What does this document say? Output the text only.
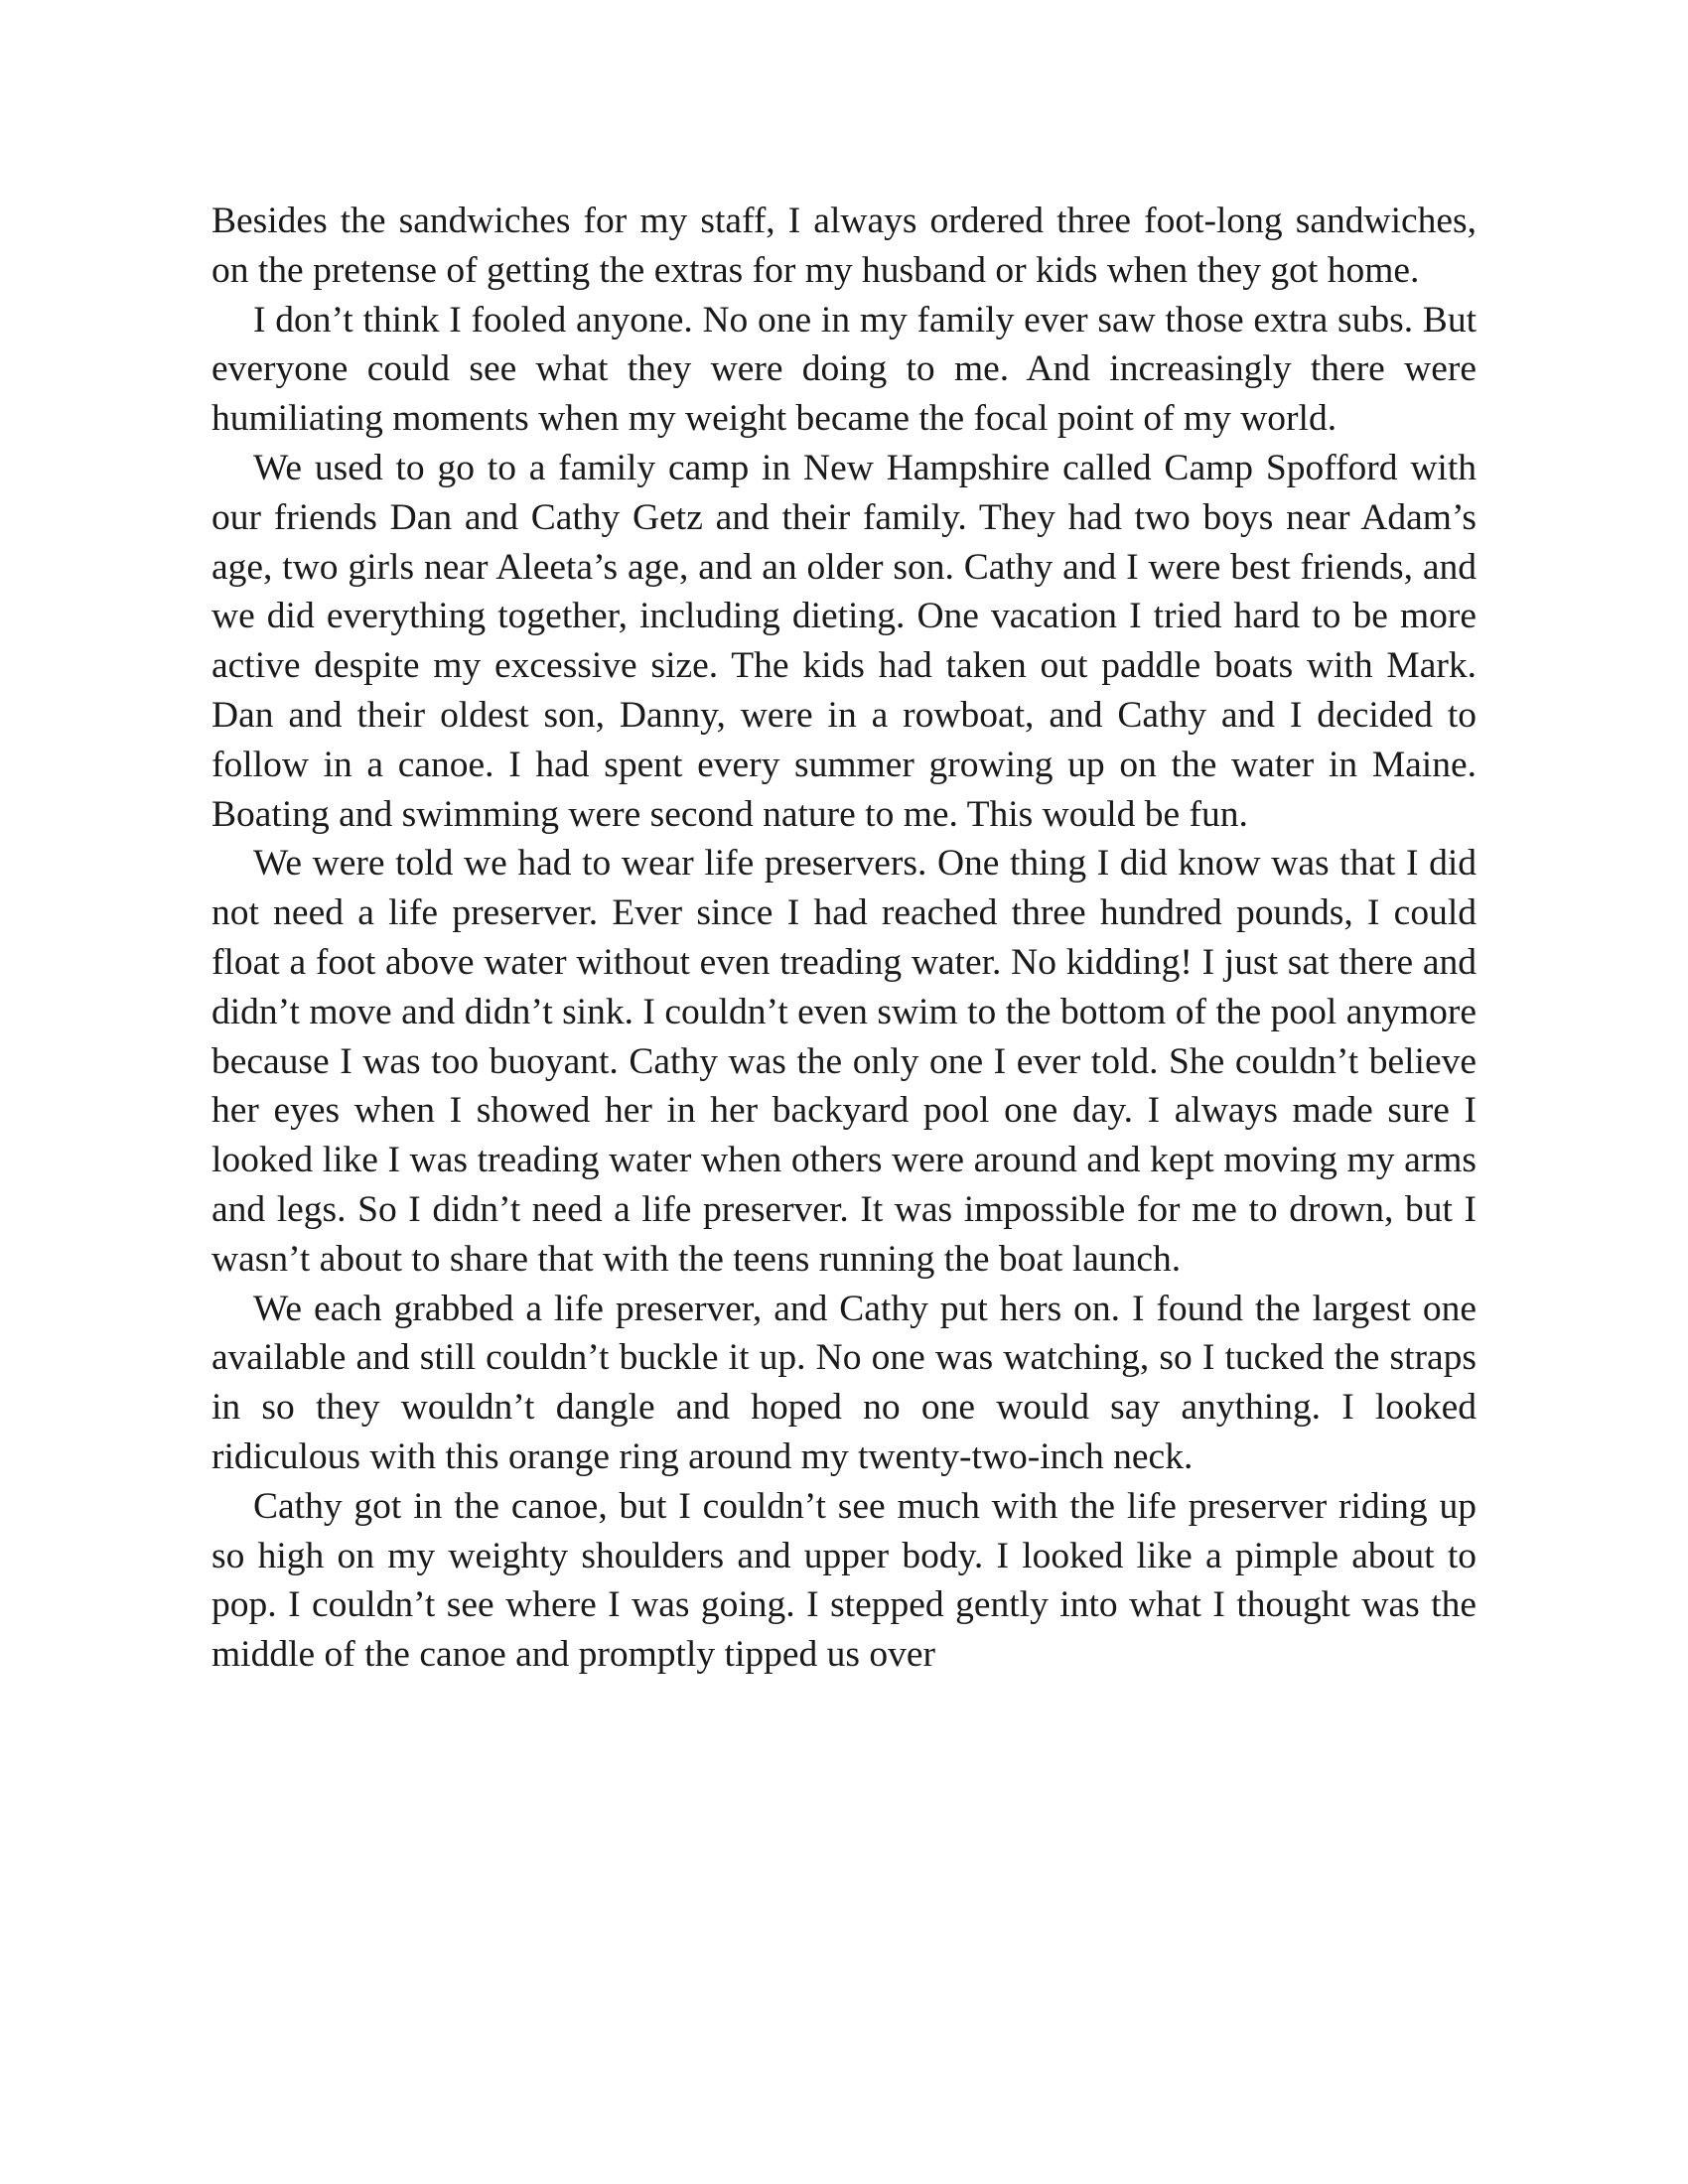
Besides the sandwiches for my staff, I always ordered three foot-long sandwiches, on the pretense of getting the extras for my husband or kids when they got home.

I don’t think I fooled anyone. No one in my family ever saw those extra subs. But everyone could see what they were doing to me. And increasingly there were humiliating moments when my weight became the focal point of my world.

We used to go to a family camp in New Hampshire called Camp Spofford with our friends Dan and Cathy Getz and their family. They had two boys near Adam’s age, two girls near Aleeta’s age, and an older son. Cathy and I were best friends, and we did everything together, including dieting. One vacation I tried hard to be more active despite my excessive size. The kids had taken out paddle boats with Mark. Dan and their oldest son, Danny, were in a rowboat, and Cathy and I decided to follow in a canoe. I had spent every summer growing up on the water in Maine. Boating and swimming were second nature to me. This would be fun.

We were told we had to wear life preservers. One thing I did know was that I did not need a life preserver. Ever since I had reached three hundred pounds, I could float a foot above water without even treading water. No kidding! I just sat there and didn’t move and didn’t sink. I couldn’t even swim to the bottom of the pool anymore because I was too buoyant. Cathy was the only one I ever told. She couldn’t believe her eyes when I showed her in her backyard pool one day. I always made sure I looked like I was treading water when others were around and kept moving my arms and legs. So I didn’t need a life preserver. It was impossible for me to drown, but I wasn’t about to share that with the teens running the boat launch.

We each grabbed a life preserver, and Cathy put hers on. I found the largest one available and still couldn’t buckle it up. No one was watching, so I tucked the straps in so they wouldn’t dangle and hoped no one would say anything. I looked ridiculous with this orange ring around my twenty-two-inch neck.

Cathy got in the canoe, but I couldn’t see much with the life preserver riding up so high on my weighty shoulders and upper body. I looked like a pimple about to pop. I couldn’t see where I was going. I stepped gently into what I thought was the middle of the canoe and promptly tipped us over
